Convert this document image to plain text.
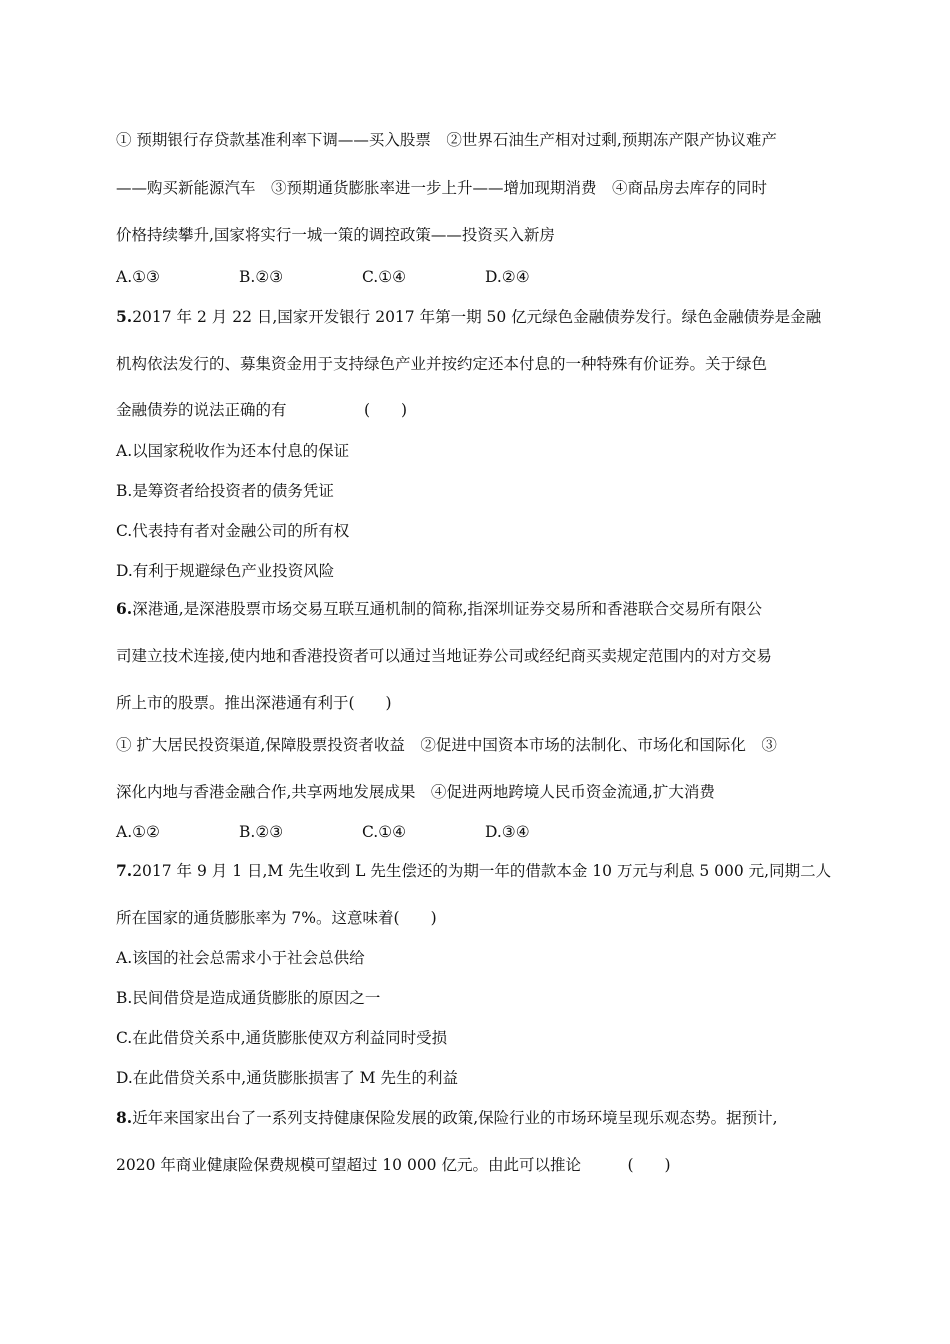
① 预期银行存贷款基准利率下调——买入股票　②世界石油生产相对过剩,预期冻产限产协议难产
——购买新能源汽车　③预期通货膨胀率进一步上升——增加现期消费　④商品房去库存的同时
价格持续攀升,国家将实行一城一策的调控政策——投资买入新房
A.①③	B.②③	C.①④	D.②④
5.2017 年 2 月 22 日,国家开发银行 2017 年第一期 50 亿元绿色金融债券发行。绿色金融债券是金融
机构依法发行的、募集资金用于支持绿色产业并按约定还本付息的一种特殊有价证券。关于绿色
金融债券的说法正确的有　　　　　(　　)
A.以国家税收作为还本付息的保证
B.是筹资者给投资者的债务凭证
C.代表持有者对金融公司的所有权
D.有利于规避绿色产业投资风险
6.深港通,是深港股票市场交易互联互通机制的简称,指深圳证券交易所和香港联合交易所有限公
司建立技术连接,使内地和香港投资者可以通过当地证券公司或经纪商买卖规定范围内的对方交易
所上市的股票。推出深港通有利于(　　)
① 扩大居民投资渠道,保障股票投资者收益　②促进中国资本市场的法制化、市场化和国际化　③
深化内地与香港金融合作,共享两地发展成果　④促进两地跨境人民币资金流通,扩大消费
A.①②	B.②③	C.①④	D.③④
7.2017 年 9 月 1 日,M 先生收到 L 先生偿还的为期一年的借款本金 10 万元与利息 5 000 元,同期二人
所在国家的通货膨胀率为 7%。这意味着(　　)
A.该国的社会总需求小于社会总供给
B.民间借贷是造成通货膨胀的原因之一
C.在此借贷关系中,通货膨胀使双方利益同时受损
D.在此借贷关系中,通货膨胀损害了 M 先生的利益
8.近年来国家出台了一系列支持健康保险发展的政策,保险行业的市场环境呈现乐观态势。据预计,
2020 年商业健康险保费规模可望超过 10 000 亿元。由此可以推论　　　(　　)
